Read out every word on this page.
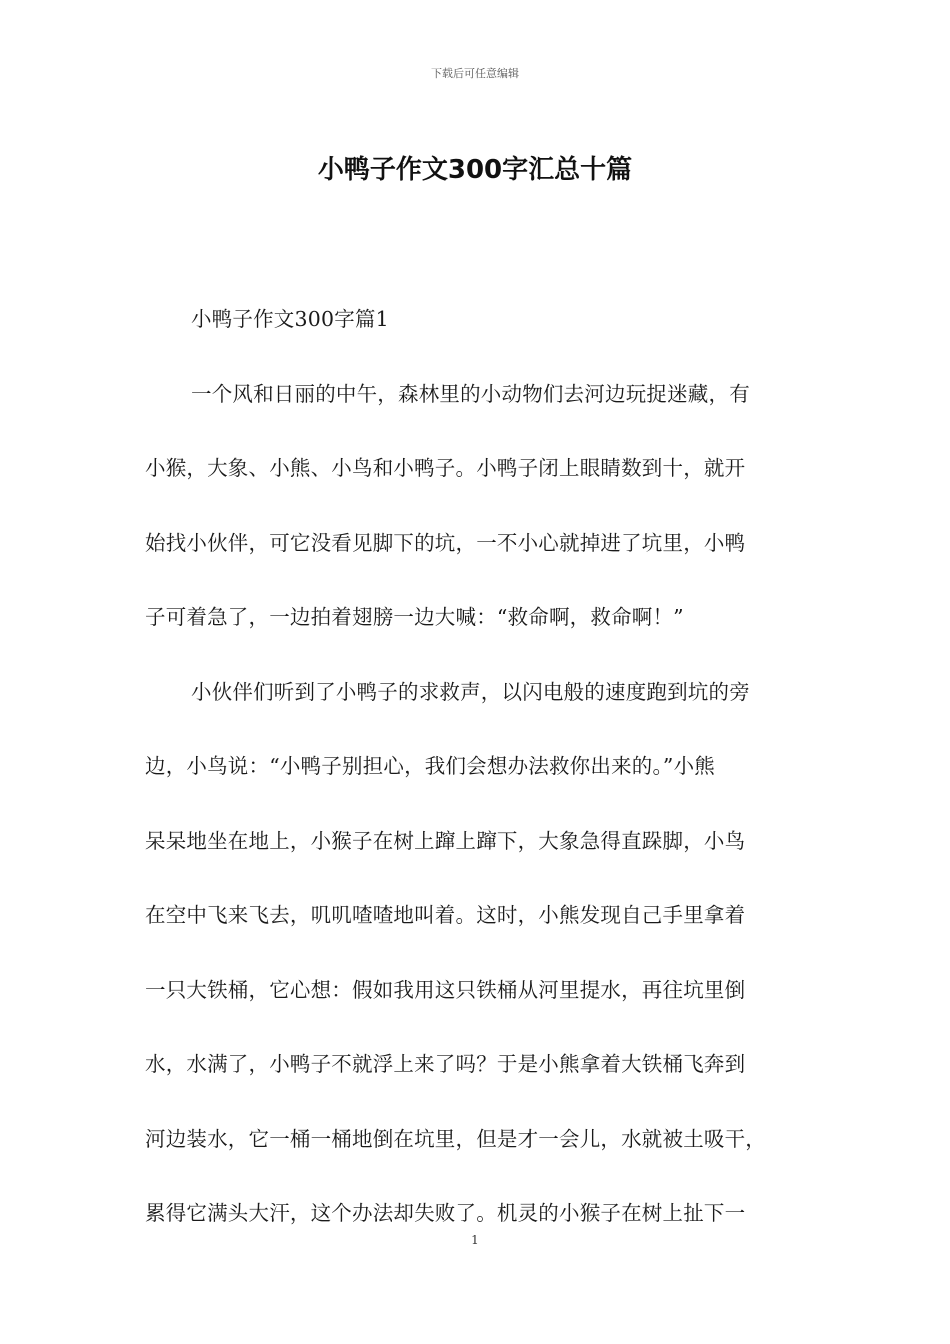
下载后可任意编辑
小鸭子作文300字汇总十篇
小鸭子作文300字篇1
一个风和日丽的中午，森林里的小动物们去河边玩捉迷藏，有
小猴，大象、小熊、小鸟和小鸭子。小鸭子闭上眼睛数到十，就开
始找小伙伴，可它没看见脚下的坑，一不小心就掉进了坑里，小鸭
子可着急了，一边拍着翅膀一边大喊：“救命啊，救命啊！”
小伙伴们听到了小鸭子的求救声，以闪电般的速度跑到坑的旁
边，小鸟说：“小鸭子别担心，我们会想办法救你出来的。”小熊
呆呆地坐在地上，小猴子在树上蹿上蹿下，大象急得直跺脚，小鸟
在空中飞来飞去，叽叽喳喳地叫着。这时，小熊发现自己手里拿着
一只大铁桶，它心想：假如我用这只铁桶从河里提水，再往坑里倒
水，水满了，小鸭子不就浮上来了吗？于是小熊拿着大铁桶飞奔到
河边装水，它一桶一桶地倒在坑里，但是才一会儿，水就被土吸干，
累得它满头大汗，这个办法却失败了。机灵的小猴子在树上扯下一
1
